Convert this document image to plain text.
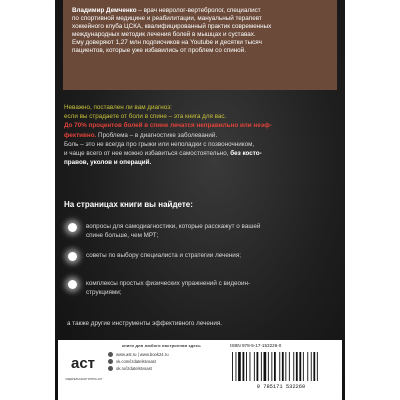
Владимир Демченко – врач невролог-вертебролог, специалист
по спортивной медицине и реабилитации, мануальный терапевт
хоккейного клуба ЦСКА, квалифицированный практик современных
международных методик лечения болей в мышцах и суставах.
Ему доверяют 1,27 млн подписчиков на Youtube и десятки тысяч
пациентов, которые уже избавились от проблем со спиной.
Неважно, поставлен ли вам диагноз:
если вы страдаете от боли в спине – эта книга для вас.
До 70% процентов болей в спине лечатся неправильно или неэф-
фективно. Проблема – в диагностике заболеваний.
Боль – это не всегда про грыжи или неполадки с позвоночником,
и чаще всего от нее можно избавиться самостоятельно, без косто-
правов, уколов и операций.
На страницах книги вы найдете:
вопросы для самодиагностики, которые расскажут о вашей
спине больше, чем МРТ;
советы по выбору специалиста и стратегии лечения;
комплексы простых физических упражнений с видеоин-
струкциями;
а также другие инструменты эффективного лечения.
книги для любого настроения здесь
аст
ИЗДАТЕЛЬСКАЯ ГРУППА АСТ
www.ast.ru | www.book24.ru
vk.com/izdatelstvoast
ok.ru/izdatelstvoast
ISBN 978-5-17-153226-0
9 785171 532260
